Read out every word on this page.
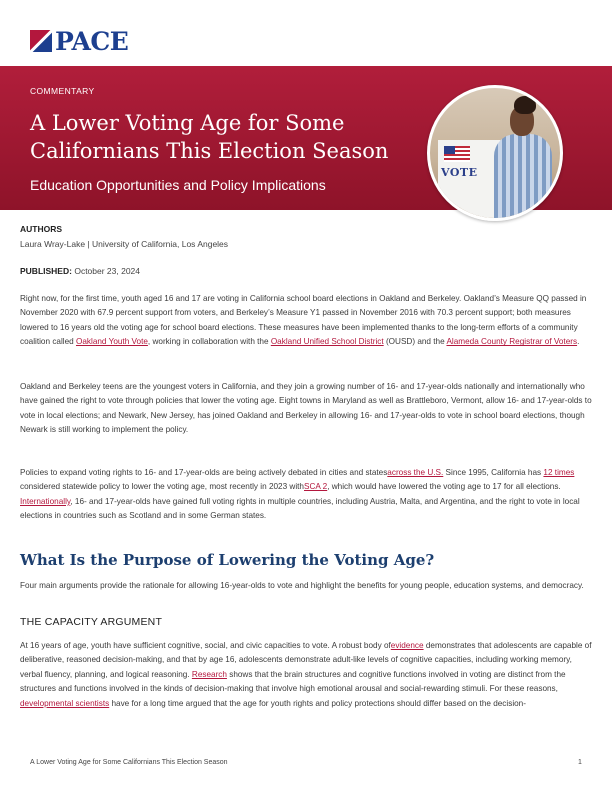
PACE
COMMENTARY
A Lower Voting Age for Some Californians This Election Season
Education Opportunities and Policy Implications
VOTE
AUTHORS
Laura Wray-Lake | University of California, Los Angeles
PUBLISHED: October 23, 2024

Right now, for the first time, youth aged 16 and 17 are voting in California school board elections in Oakland and Berkeley. Oakland’s Measure QQ passed in November 2020 with 67.9 percent support from voters, and Berkeley’s Measure Y1 passed in November 2016 with 70.3 percent support; both measures lowered to 16 years old the voting age for school board elections. These measures have been implemented thanks to the long-term efforts of a community coalition called Oakland Youth Vote, working in collaboration with the Oakland Unified School District (OUSD) and the Alameda County Registrar of Voters.

Oakland and Berkeley teens are the youngest voters in California, and they join a growing number of 16- and 17-year-olds nationally and internationally who have gained the right to vote through policies that lower the voting age. Eight towns in Maryland as well as Brattleboro, Vermont, allow 16- and 17-year-olds to vote in local elections; and Newark, New Jersey, has joined Oakland and Berkeley in allowing 16- and 17-year-olds to vote in school board elections, though Newark is still working to implement the policy.

Policies to expand voting rights to 16- and 17-year-olds are being actively debated in cities and statesacross the U.S. Since 1995, California has 12 times considered statewide policy to lower the voting age, most recently in 2023 withSCA 2, which would have lowered the voting age to 17 for all elections. Internationally, 16- and 17-year-olds have gained full voting rights in multiple countries, including Austria, Malta, and Argentina, and the right to vote in local elections in countries such as Scotland and in some German states.

What Is the Purpose of Lowering the Voting Age?

Four main arguments provide the rationale for allowing 16-year-olds to vote and highlight the benefits for young people, education systems, and democracy.

THE CAPACITY ARGUMENT

At 16 years of age, youth have sufficient cognitive, social, and civic capacities to vote. A robust body ofevidence demonstrates that adolescents are capable of deliberative, reasoned decision-making, and that by age 16, adolescents demonstrate adult-like levels of cognitive capacities, including working memory, verbal fluency, planning, and logical reasoning. Research shows that the brain structures and cognitive functions involved in voting are distinct from the structures and functions involved in the kinds of decision-making that involve high emotional arousal and social-rewarding stimuli. For these reasons, developmental scientists have for a long time argued that the age for youth rights and policy protections should differ based on the decision-

A Lower Voting Age for Some Californians This Election Season	1
